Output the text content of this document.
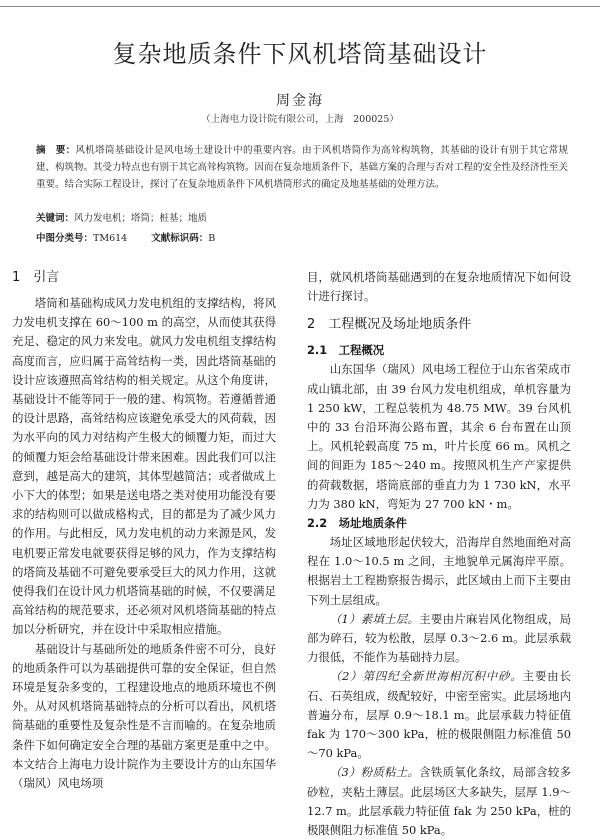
复杂地质条件下风机塔筒基础设计
周金海
（上海电力设计院有限公司，上海　200025）
摘　要：风机塔筒基础设计是风电场土建设计中的重要内容。由于风机塔筒作为高耸构筑物，其基础的设计有别于其它常规建、构筑物。其受力特点也有别于其它高耸构筑物。因而在复杂地质条件下，基础方案的合理与否对工程的安全性及经济性至关重要。结合实际工程设计，探讨了在复杂地质条件下风机塔筒形式的确定及地基基础的处理方法。
关键词：风力发电机；塔筒；桩基；地质
中图分类号：TM614	文献标识码：B
1　引言

塔筒和基础构成风力发电机组的支撑结构，将风力发电机支撑在 60～100 m 的高空，从而使其获得充足、稳定的风力来发电。就风力发电机组支撑结构高度而言，应归属于高耸结构一类，因此塔筒基础的设计应该遵照高耸结构的相关规定。从这个角度讲，基础设计不能等同于一般的建、构筑物。若遵循普通的设计思路，高耸结构应该避免承受大的风荷载，因为水平向的风力对结构产生极大的倾覆力矩，而过大的倾覆力矩会给基础设计带来困难。因此我们可以注意到，越是高大的建筑，其体型越简洁；或者做成上小下大的体型；如果是送电塔之类对使用功能没有要求的结构则可以做成格构式，目的都是为了减少风力的作用。与此相反，风力发电机的动力来源是风，发电机要正常发电就要获得足够的风力，作为支撑结构的塔筒及基础不可避免要承受巨大的风力作用，这就使得我们在设计风力机塔筒基础的时候，不仅要满足高耸结构的规范要求，还必须对风机塔筒基础的特点加以分析研究，并在设计中采取相应措施。

基础设计与基础所处的地质条件密不可分，良好的地质条件可以为基础提供可靠的安全保证，但自然环境是复杂多变的，工程建设地点的地质环境也不例外。从对风机塔筒基础特点的分析可以看出，风机塔筒基础的重要性及复杂性是不言而喻的。在复杂地质条件下如何确定安全合理的基础方案更是重中之中。本文结合上海电力设计院作为主要设计方的山东国华（瑞风）风电场项

目，就风机塔筒基础遇到的在复杂地质情况下如何设计进行探讨。

2　工程概况及场址地质条件
2.1　工程概况

山东国华（瑞风）风电场工程位于山东省荣成市成山镇北部，由 39 台风力发电机组成，单机容量为 1 250 kW，工程总装机为 48.75 MW。39 台风机中的 33 台沿环海公路布置，其余 6 台布置在山顶上。风机轮毂高度 75 m，叶片长度 66 m。风机之间的间距为 185～240 m。按照风机生产产家提供的荷载数据，塔筒底部的垂直力为 1 730 kN，水平力为 380 kN，弯矩为 27 700 kN・m。

2.2　场址地质条件

场址区域地形起伏较大，沿海岸自然地面绝对高程在 1.0～10.5 m 之间，主地貌单元属海岸平原。根据岩土工程勘察报告揭示，此区域由上而下主要由下列土层组成。

（1）素填土层。主要由片麻岩风化物组成，局部为碎石，较为松散，层厚 0.3～2.6 m。此层承载力很低，不能作为基础持力层。

（2）第四纪全新世海相沉积中砂。主要由长石、石英组成，级配较好，中密至密实。此层场地内普遍分布，层厚 0.9～18.1 m。此层承载力特征值 fak 为 170～300 kPa，桩的极限侧阻力标准值 50～70 kPa。

（3）粉质粘土。含铁质氧化条纹，局部含较多砂粒，夹粘土薄层。此层场区大多缺失，层厚 1.9～12.7 m。此层承载力特征值 fak 为 250 kPa，桩的极限侧阻力标准值 50 kPa。
